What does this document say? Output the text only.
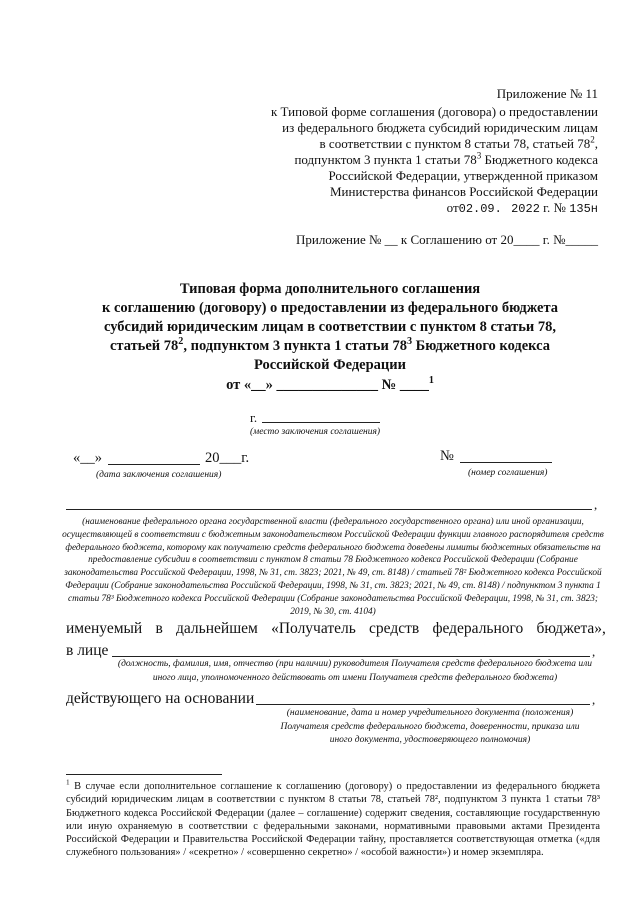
Приложение № 11
к Типовой форме соглашения (договора) о предоставлении
из федерального бюджета субсидий юридическим лицам
в соответствии с пунктом 8 статьи 78, статьей $78^2$,
подпунктом 3 пункта 1 статьи $78^3$ Бюджетного кодекса
Российской Федерации, утвержденной приказом
Министерства финансов Российской Федерации
от02.09. 2022 г. № 135н
Приложение № __ к Соглашению от 20____ г. №_____
Типовая форма дополнительного соглашения
к соглашению (договору) о предоставлении из федерального бюджета
субсидий юридическим лицам в соответствии с пунктом 8 статьи 78,
статьей $78^2$, подпунктом 3 пункта 1 статьи $78^3$ Бюджетного кодекса
Российской Федерации
от «__» ______________ № ____$^1$
г.
(место заключения соглашения)
«__»	20___г.
(дата заключения соглашения)
№
(номер соглашения)
,
(наименование федерального органа государственной власти (федерального государственного органа) или иной организации, осуществляющей в соответствии с бюджетным законодательством Российской Федерации функции главного распорядителя средств федерального бюджета, которому как получателю средств федерального бюджета доведены лимиты бюджетных обязательств на предоставление субсидии в соответствии с пунктом 8 статьи 78 Бюджетного кодекса Российской Федерации (Собрание законодательства Российской Федерации, 1998, № 31, ст. 3823; 2021, № 49, ст. 8148) / статьей 78² Бюджетного кодекса Российской Федерации (Собрание законодательства Российской Федерации, 1998, № 31, ст. 3823; 2021, № 49, ст. 8148) / подпунктом 3 пункта 1 статьи 78³ Бюджетного кодекса Российской Федерации (Собрание законодательства Российской Федерации, 1998, № 31, ст. 3823; 2019, № 30, ст. 4104)
именуемый в дальнейшем «Получатель средств федерального бюджета»,
в лице	,
(должность, фамилия, имя, отчество (при наличии) руководителя Получателя средств федерального бюджета или иного лица, уполномоченного действовать от имени Получателя средств федерального бюджета)
действующего на основании	,
(наименование, дата и номер учредительного документа (положения) Получателя средств федерального бюджета, доверенности, приказа или иного документа, удостоверяющего полномочия)
$^1$ В случае если дополнительное соглашение к соглашению (договору) о предоставлении из федерального бюджета субсидий юридическим лицам в соответствии с пунктом 8 статьи 78, статьей 78², подпунктом 3 пункта 1 статьи 78³ Бюджетного кодекса Российской Федерации (далее – соглашение) содержит сведения, составляющие государственную или иную охраняемую в соответствии с федеральными законами, нормативными правовыми актами Президента Российской Федерации и Правительства Российской Федерации тайну, проставляется соответствующая отметка («для служебного пользования» / «секретно» / «совершенно секретно» / «особой важности») и номер экземпляра.
